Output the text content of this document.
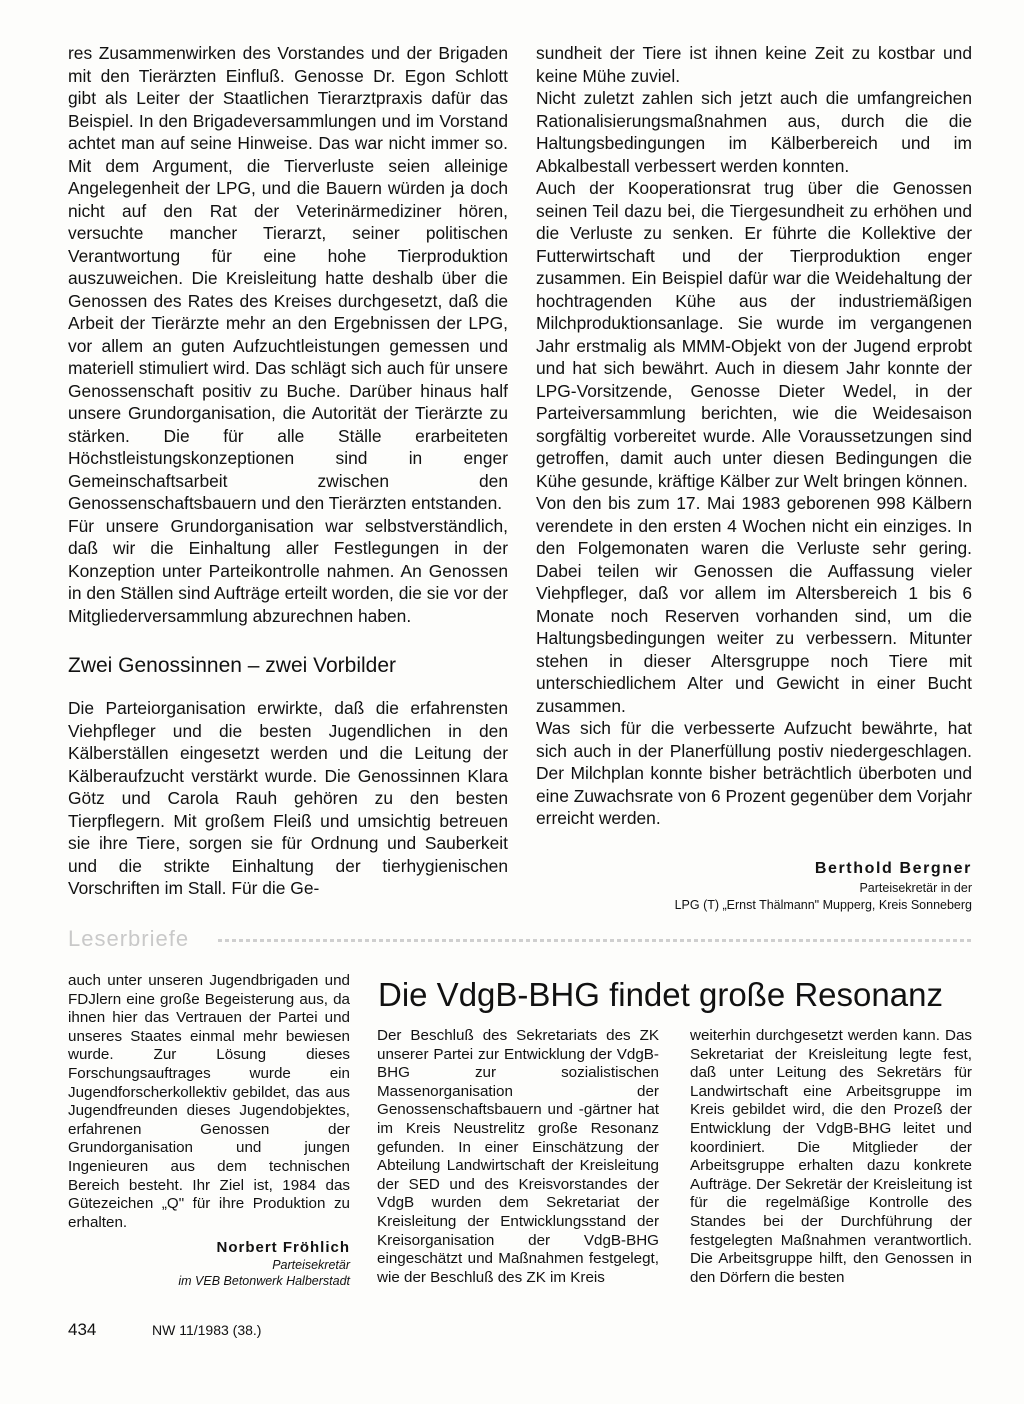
res Zusammenwirken des Vorstandes und der Brigaden mit den Tierärzten Einfluß. Genosse Dr. Egon Schlott gibt als Leiter der Staatlichen Tierarztpraxis dafür das Beispiel. In den Brigadeversammlungen und im Vorstand achtet man auf seine Hinweise. Das war nicht immer so. Mit dem Argument, die Tierverluste seien alleinige Angelegenheit der LPG, und die Bauern würden ja doch nicht auf den Rat der Veterinärmediziner hören, versuchte mancher Tierarzt, seiner politischen Verantwortung für eine hohe Tierproduktion auszuweichen. Die Kreisleitung hatte deshalb über die Genossen des Rates des Kreises durchgesetzt, daß die Arbeit der Tierärzte mehr an den Ergebnissen der LPG, vor allem an guten Aufzuchtleistungen gemessen und materiell stimuliert wird. Das schlägt sich auch für unsere Genossenschaft positiv zu Buche. Darüber hinaus half unsere Grundorganisation, die Autorität der Tierärzte zu stärken. Die für alle Ställe erarbeiteten Höchstleistungskonzeptionen sind in enger Gemeinschaftsarbeit zwischen den Genossenschaftsbauern und den Tierärzten entstanden.

Für unsere Grundorganisation war selbstverständlich, daß wir die Einhaltung aller Festlegungen in der Konzeption unter Parteikontrolle nahmen. An Genossen in den Ställen sind Aufträge erteilt worden, die sie vor der Mitgliederversammlung abzurechnen haben.

Zwei Genossinnen – zwei Vorbilder

Die Parteiorganisation erwirkte, daß die erfahrensten Viehpfleger und die besten Jugendlichen in den Kälberställen eingesetzt werden und die Leitung der Kälberaufzucht verstärkt wurde. Die Genossinnen Klara Götz und Carola Rauh gehören zu den besten Tierpflegern. Mit großem Fleiß und umsichtig betreuen sie ihre Tiere, sorgen sie für Ordnung und Sauberkeit und die strikte Einhaltung der tierhygienischen Vorschriften im Stall. Für die Ge-

sundheit der Tiere ist ihnen keine Zeit zu kostbar und keine Mühe zuviel.

Nicht zuletzt zahlen sich jetzt auch die umfangreichen Rationalisierungsmaßnahmen aus, durch die die Haltungsbedingungen im Kälberbereich und im Abkalbestall verbessert werden konnten.

Auch der Kooperationsrat trug über die Genossen seinen Teil dazu bei, die Tiergesundheit zu erhöhen und die Verluste zu senken. Er führte die Kollektive der Futterwirtschaft und der Tierproduktion enger zusammen. Ein Beispiel dafür war die Weidehaltung der hochtragenden Kühe aus der industriemäßigen Milchproduktionsanlage. Sie wurde im vergangenen Jahr erstmalig als MMM-Objekt von der Jugend erprobt und hat sich bewährt. Auch in diesem Jahr konnte der LPG-Vorsitzende, Genosse Dieter Wedel, in der Parteiversammlung berichten, wie die Weidesaison sorgfältig vorbereitet wurde. Alle Voraussetzungen sind getroffen, damit auch unter diesen Bedingungen die Kühe gesunde, kräftige Kälber zur Welt bringen können.

Von den bis zum 17. Mai 1983 geborenen 998 Kälbern verendete in den ersten 4 Wochen nicht ein einziges. In den Folgemonaten waren die Verluste sehr gering. Dabei teilen wir Genossen die Auffassung vieler Viehpfleger, daß vor allem im Altersbereich 1 bis 6 Monate noch Reserven vorhanden sind, um die Haltungsbedingungen weiter zu verbessern. Mitunter stehen in dieser Altersgruppe noch Tiere mit unterschiedlichem Alter und Gewicht in einer Bucht zusammen.

Was sich für die verbesserte Aufzucht bewährte, hat sich auch in der Planerfüllung postiv niedergeschlagen. Der Milchplan konnte bisher beträchtlich überboten und eine Zuwachsrate von 6 Prozent gegenüber dem Vorjahr erreicht werden.

Berthold Bergner
Parteisekretär in der
LPG (T) „Ernst Thälmann" Mupperg, Kreis Sonneberg
Leserbriefe

auch unter unseren Jugendbrigaden und FDJlern eine große Begeisterung aus, da ihnen hier das Vertrauen der Partei und unseres Staates einmal mehr bewiesen wurde. Zur Lösung dieses Forschungsauftrages wurde ein Jugendforscherkollektiv gebildet, das aus Jugendfreunden dieses Jugendobjektes, erfahrenen Genossen der Grundorganisation und jungen Ingenieuren aus dem technischen Bereich besteht. Ihr Ziel ist, 1984 das Gütezeichen „Q" für ihre Produktion zu erhalten.

Norbert Fröhlich
Parteisekretär
im VEB Betonwerk Halberstadt
Die VdgB-BHG findet große Resonanz

Der Beschluß des Sekretariats des ZK unserer Partei zur Entwicklung der VdgB-BHG zur sozialistischen Massenorganisation der Genossenschaftsbauern und -gärtner hat im Kreis Neustrelitz große Resonanz gefunden. In einer Einschätzung der Abteilung Landwirtschaft der Kreisleitung der SED und des Kreisvorstandes der VdgB wurden dem Sekretariat der Kreisleitung der Entwicklungsstand der Kreisorganisation der VdgB-BHG eingeschätzt und Maßnahmen festgelegt, wie der Beschluß des ZK im Kreis

weiterhin durchgesetzt werden kann. Das Sekretariat der Kreisleitung legte fest, daß unter Leitung des Sekretärs für Landwirtschaft eine Arbeitsgruppe im Kreis gebildet wird, die den Prozeß der Entwicklung der VdgB-BHG leitet und koordiniert. Die Mitglieder der Arbeitsgruppe erhalten dazu konkrete Aufträge. Der Sekretär der Kreisleitung ist für die regelmäßige Kontrolle des Standes bei der Durchführung der festgelegten Maßnahmen verantwortlich. Die Arbeitsgruppe hilft, den Genossen in den Dörfern die besten

434	NW 11/1983 (38.)
